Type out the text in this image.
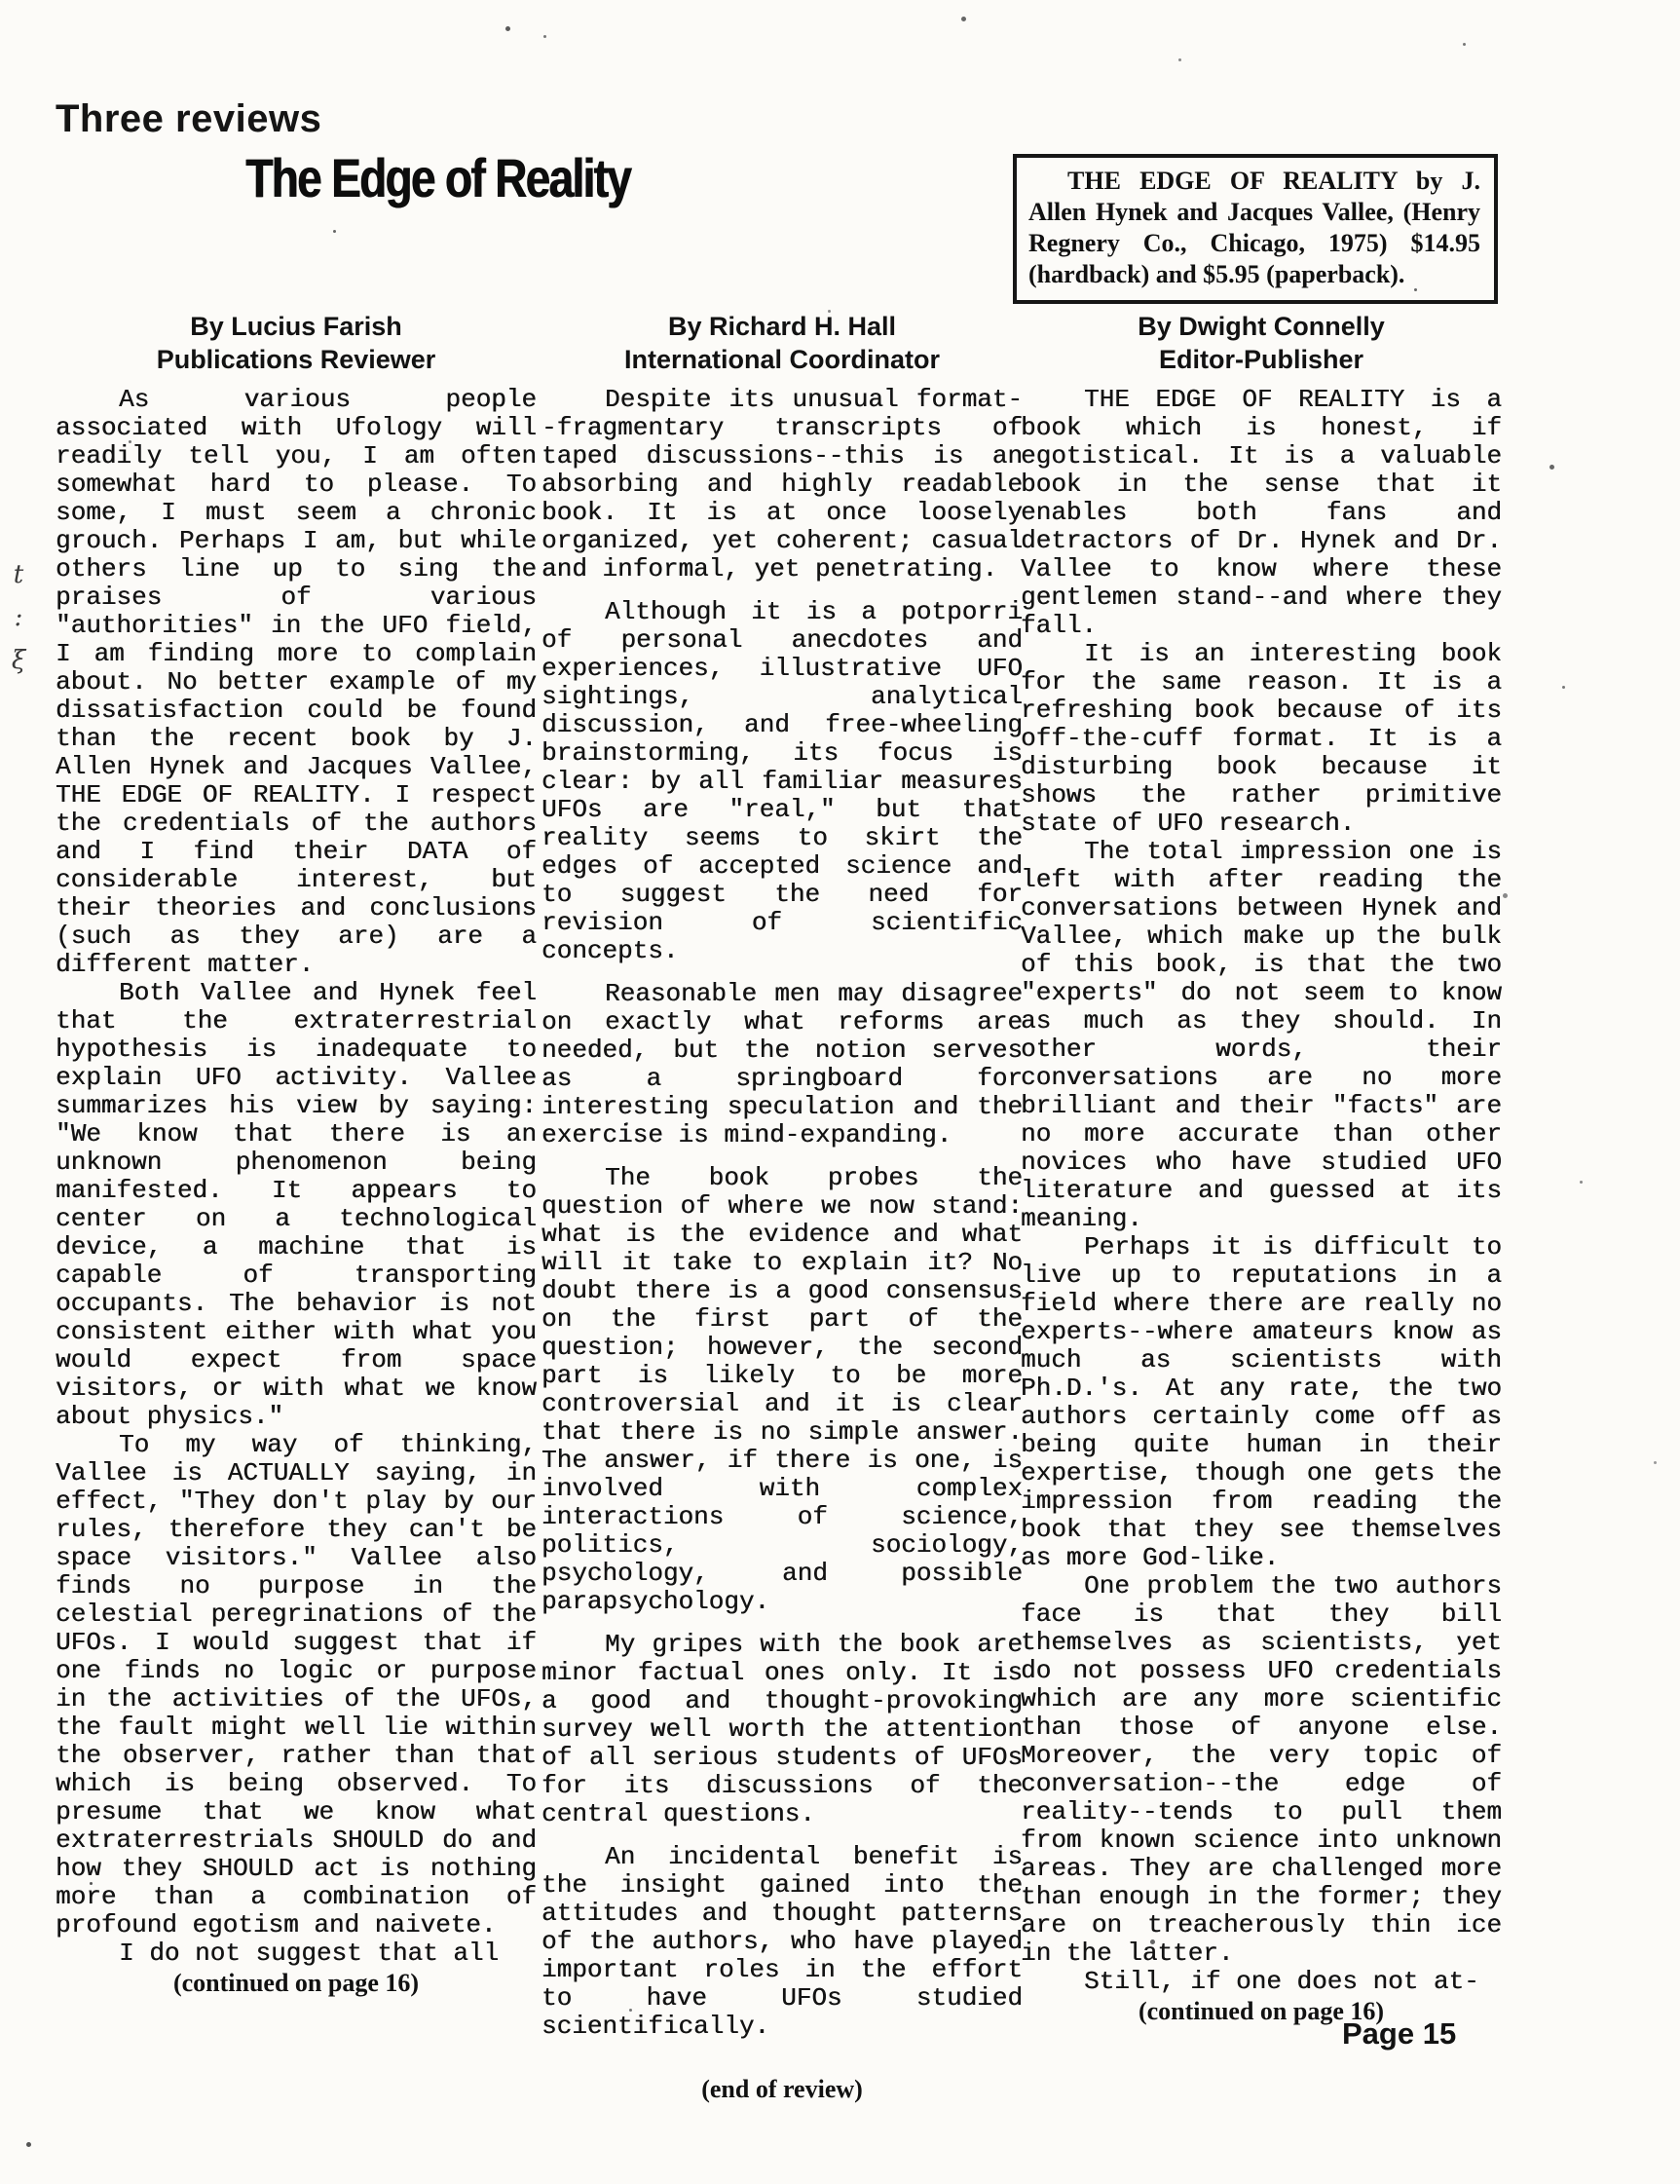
t
:
ξ
Three reviews
The Edge of Reality	THE EDGE OF REALITY by J. Allen Hynek and Jacques Vallee, (Henry Regnery Co., Chicago, 1975) $14.95 (hardback) and $5.95 (paperback).
By Lucius Farish
Publications Reviewer

As various people associated with Ufology will readily tell you, I am often somewhat hard to please. To some, I must seem a chronic grouch. Perhaps I am, but while others line up to sing the praises of various "authorities" in the UFO field, I am finding more to complain about. No better example of my dissatisfaction could be found than the recent book by J. Allen Hynek and Jacques Vallee, THE EDGE OF REALITY. I respect the credentials of the authors and I find their DATA of considerable interest, but their theories and conclusions (such as they are) are a different matter.

Both Vallee and Hynek feel that the extraterrestrial hypothesis is inadequate to explain UFO activity. Vallee summarizes his view by saying: "We know that there is an unknown phenomenon being manifested. It appears to center on a technological device, a machine that is capable of transporting occupants. The behavior is not consistent either with what you would expect from space visitors, or with what we know about physics."

To my way of thinking, Vallee is ACTUALLY saying, in effect, "They don't play by our rules, therefore they can't be space visitors." Vallee also finds no purpose in the celestial peregrinations of the UFOs. I would suggest that if one finds no logic or purpose in the activities of the UFOs, the fault might well lie within the observer, rather than that which is being observed. To presume that we know what extraterrestrials SHOULD do and how they SHOULD act is nothing more than a combination of profound egotism and naivete.

I do not suggest that all

(continued on page 16)
By Richard H. Hall
International Coordinator

Despite its unusual format--fragmentary transcripts of taped discussions--this is an absorbing and highly readable book. It is at once loosely organized, yet coherent; casual and informal, yet penetrating.

Although it is a potporri of personal anecdotes and experiences, illustrative UFO sightings, analytical discussion, and free-wheeling brainstorming, its focus is clear: by all familiar measures UFOs are "real," but that reality seems to skirt the edges of accepted science and to suggest the need for revision of scientific concepts.

Reasonable men may disagree on exactly what reforms are needed, but the notion serves as a springboard for interesting speculation and the exercise is mind-expanding.

The book probes the question of where we now stand: what is the evidence and what will it take to explain it? No doubt there is a good consensus on the first part of the question; however, the second part is likely to be more controversial and it is clear that there is no simple answer. The answer, if there is one, is involved with complex interactions of science, politics, sociology, psychology, and possible parapsychology.

My gripes with the book are minor factual ones only. It is a good and thought-provoking survey well worth the attention of all serious students of UFOs for its discussions of the central questions.

An incidental benefit is the insight gained into the attitudes and thought patterns of the authors, who have played important roles in the effort to have UFOs studied scientifically.

(end of review)
By Dwight Connelly
Editor-Publisher

THE EDGE OF REALITY is a book which is honest, if egotistical. It is a valuable book in the sense that it enables both fans and detractors of Dr. Hynek and Dr. Vallee to know where these gentlemen stand--and where they fall.

It is an interesting book for the same reason. It is a refreshing book because of its off-the-cuff format. It is a disturbing book because it shows the rather primitive state of UFO research.

The total impression one is left with after reading the conversations between Hynek and Vallee, which make up the bulk of this book, is that the two "experts" do not seem to know as much as they should. In other words, their conversations are no more brilliant and their "facts" are no more accurate than other novices who have studied UFO literature and guessed at its meaning.

Perhaps it is difficult to live up to reputations in a field where there are really no experts--where amateurs know as much as scientists with Ph.D.'s. At any rate, the two authors certainly come off as being quite human in their expertise, though one gets the impression from reading the book that they see themselves as more God-like.

One problem the two authors face is that they bill themselves as scientists, yet do not possess UFO credentials which are any more scientific than those of anyone else. Moreover, the very topic of conversation--the edge of reality--tends to pull them from known science into unknown areas. They are challenged more than enough in the former; they are on treacherously thin ice in the latter.

Still, if one does not at-

(continued on page 16)
Page 15
